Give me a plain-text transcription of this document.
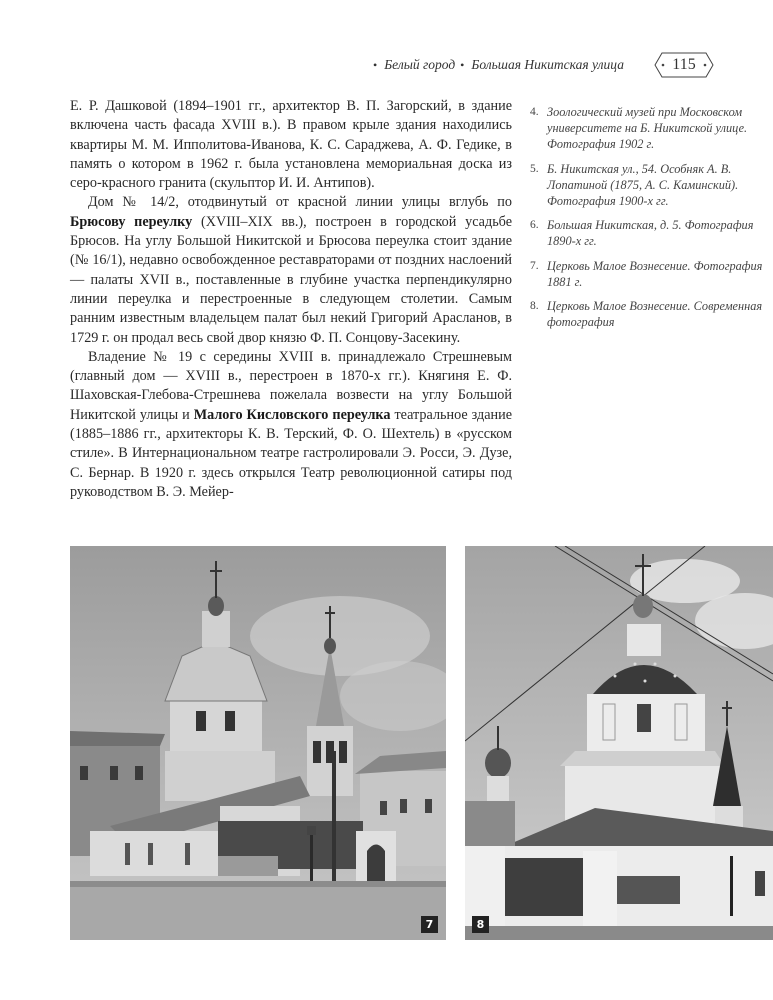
• Белый город • Большая Никитская улица	115

Е. Р. Дашковой (1894–1901 гг., архитектор В. П. Загорский, в здание включена часть фасада XVIII в.). В правом крыле здания находились квартиры М. М. Ипполитова-Иванова, К. С. Сараджева, А. Ф. Гедике, в память о котором в 1962 г. была установлена мемориальная доска из серо-красного гранита (скульптор И. И. Антипов).

Дом № 14/2, отодвинутый от красной линии улицы вглубь по Брюсову переулку (XVIII–XIX вв.), построен в городской усадьбе Брюсов. На углу Большой Никитской и Брюсова переулка стоит здание (№ 16/1), недавно освобожденное реставраторами от поздних наслоений — палаты XVII в., поставленные в глубине участка перпендикулярно линии переулка и перестроенные в следующем столетии. Самым ранним известным владельцем палат был некий Григорий Арасланов, в 1729 г. он продал весь свой двор князю Ф. П. Сонцову-Засекину.

Владение № 19 с середины XVIII в. принадлежало Стрешневым (главный дом — XVIII в., перестроен в 1870-х гг.). Княгиня Е. Ф. Шаховская-Глебова-Стрешнева пожелала возвести на углу Большой Никитской улицы и Малого Кисловского переулка театральное здание (1885–1886 гг., архитекторы К. В. Терский, Ф. О. Шехтель) в «русском стиле». В Интернациональном театре гастролировали Э. Росси, Э. Дузе, С. Бернар. В 1920 г. здесь открылся Театр революционной сатиры под руководством В. Э. Мейер-

4. Зоологический музей при Московском университете на Б. Никитской улице. Фотография 1902 г.
5. Б. Никитская ул., 54. Особняк А. В. Лопатиной (1875, А. С. Каминский). Фотография 1900-х гг.
6. Большая Никитская, д. 5. Фотография 1890-х гг.
7. Церковь Малое Вознесение. Фотография 1881 г.
8. Церковь Малое Вознесение. Современная фотография
7	8
